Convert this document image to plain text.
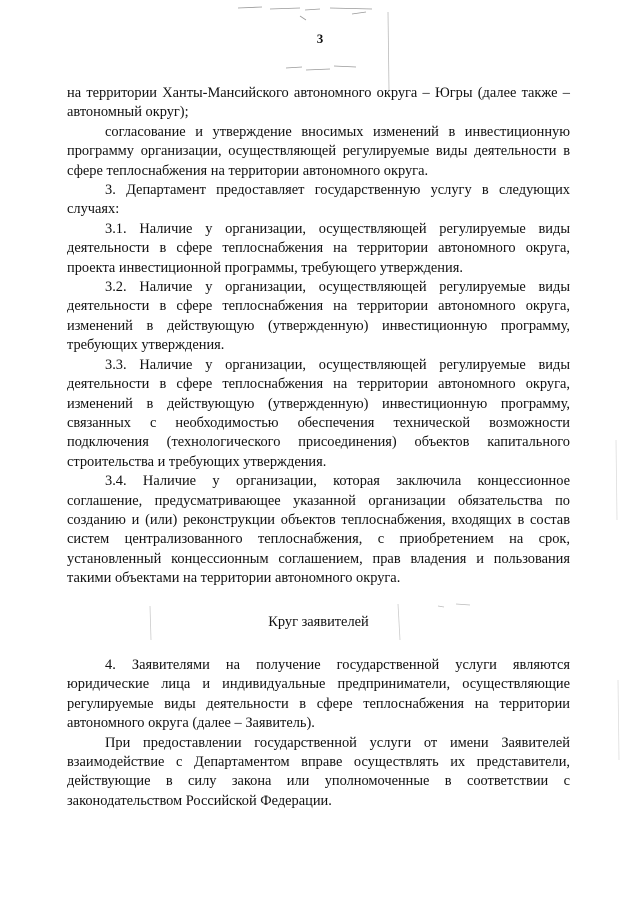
3

на территории Ханты-Мансийского автономного округа – Югры (далее также – автономный округ);

согласование и утверждение вносимых изменений в инвестиционную программу организации, осуществляющей регулируемые виды деятельности в сфере теплоснабжения на территории автономного округа.

3. Департамент предоставляет государственную услугу в следующих случаях:

3.1. Наличие у организации, осуществляющей регулируемые виды деятельности в сфере теплоснабжения на территории автономного округа, проекта инвестиционной программы, требующего утверждения.

3.2. Наличие у организации, осуществляющей регулируемые виды деятельности в сфере теплоснабжения на территории автономного округа, изменений в действующую (утвержденную) инвестиционную программу, требующих утверждения.

3.3. Наличие у организации, осуществляющей регулируемые виды деятельности в сфере теплоснабжения на территории автономного округа, изменений в действующую (утвержденную) инвестиционную программу, связанных с необходимостью обеспечения технической возможности подключения (технологического присоединения) объектов капитального строительства и требующих утверждения.

3.4. Наличие у организации, которая заключила концессионное соглашение, предусматривающее указанной организации обязательства по созданию и (или) реконструкции объектов теплоснабжения, входящих в состав систем централизованного теплоснабжения, с приобретением на срок, установленный концессионным соглашением, прав владения и пользования такими объектами на территории автономного округа.

Круг заявителей

4. Заявителями на получение государственной услуги являются юридические лица и индивидуальные предприниматели, осуществляющие регулируемые виды деятельности в сфере теплоснабжения на территории автономного округа (далее – Заявитель).

При предоставлении государственной услуги от имени Заявителей взаимодействие с Департаментом вправе осуществлять их представители, действующие в силу закона или уполномоченные в соответствии с законодательством Российской Федерации.
